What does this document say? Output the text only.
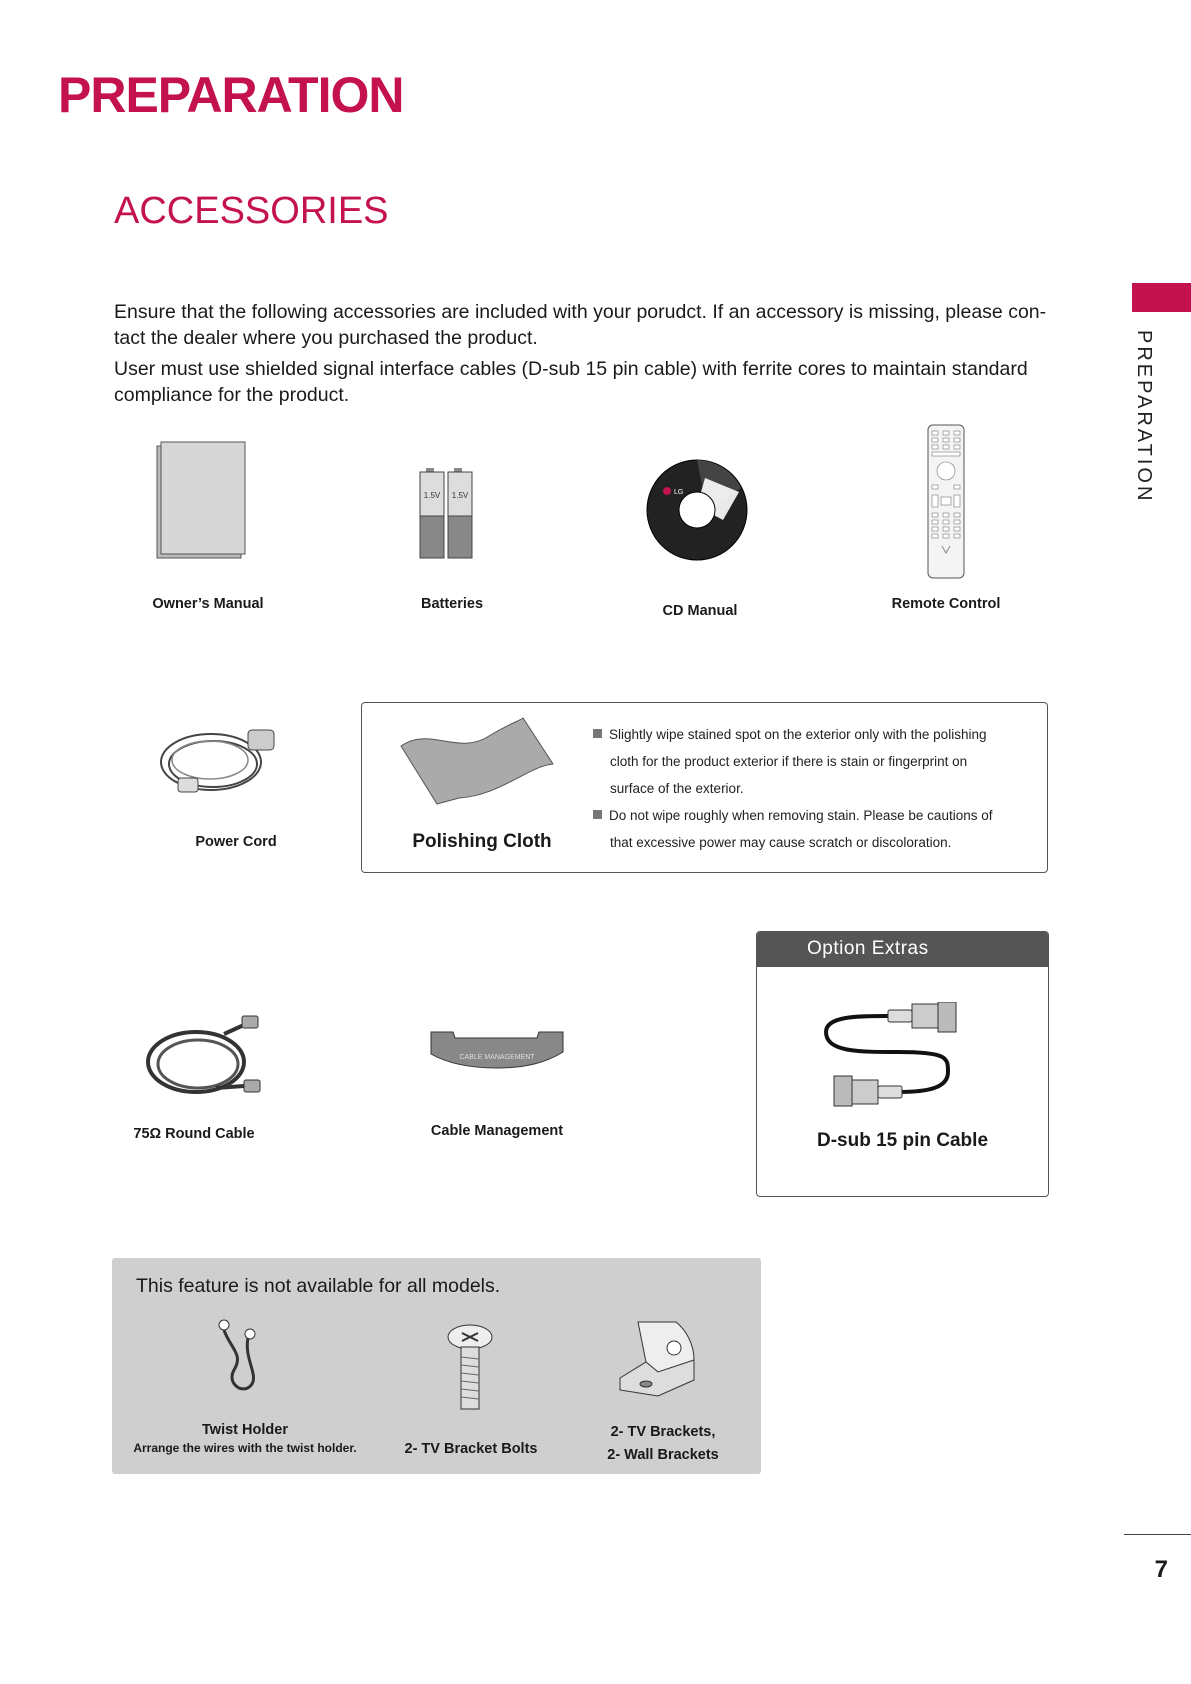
PREPARATION
ACCESSORIES
PREPARATION

Ensure that the following accessories are included with your porudct. If an accessory is missing, please con-

tact the dealer where you purchased the product.

User must use shielded signal interface cables (D-sub 15 pin cable) with ferrite cores to maintain standard

compliance for the product.

Owner’s Manual
1.5V 1.5V
Batteries
LG
CD Manual	Remote Control
Power Cord	Polishing Cloth
Slightly wipe stained spot on the exterior only with the polishing
cloth for the product exterior if there is stain or fingerprint on
surface of the exterior.
Do not wipe roughly when removing stain. Please be cautions of
that excessive power may cause scratch or discoloration.
75Ω Round Cable
CABLE MANAGEMENT
Cable Management
Option Extras
D-sub 15 pin Cable
This feature is not available for all models.
Twist Holder
Arrange the wires with the twist holder.	2- TV Bracket Bolts
2- TV Brackets,
2- Wall Brackets
7
